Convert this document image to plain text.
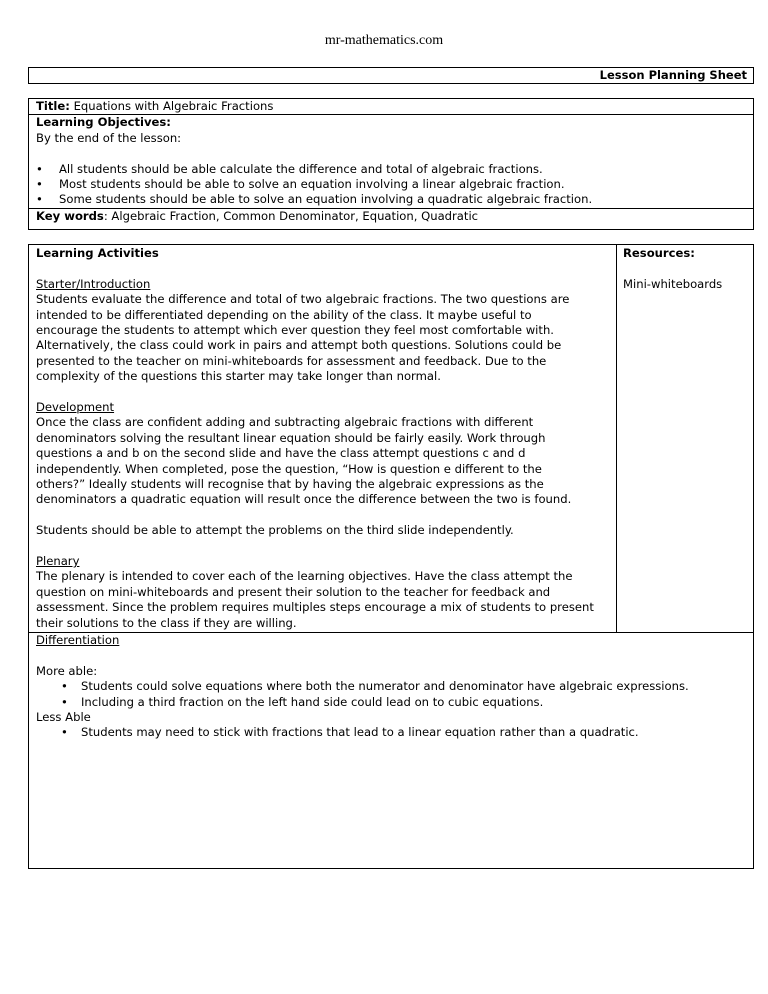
mr-mathematics.com
Lesson Planning Sheet
Title: Equations with Algebraic Fractions
Learning Objectives:
By the end of the lesson:
• All students should be able calculate the difference and total of algebraic fractions.
• Most students should be able to solve an equation involving a linear algebraic fraction.
• Some students should be able to solve an equation involving a quadratic algebraic fraction.
Key words: Algebraic Fraction, Common Denominator, Equation, Quadratic
Learning Activities
Starter/Introduction
Students evaluate the difference and total of two algebraic fractions. The two questions are
intended to be differentiated depending on the ability of the class. It maybe useful to
encourage the students to attempt which ever question they feel most comfortable with.
Alternatively, the class could work in pairs and attempt both questions. Solutions could be
presented to the teacher on mini-whiteboards for assessment and feedback. Due to the
complexity of the questions this starter may take longer than normal.
Development
Once the class are confident adding and subtracting algebraic fractions with different
denominators solving the resultant linear equation should be fairly easily. Work through
questions a and b on the second slide and have the class attempt questions c and d
independently. When completed, pose the question, “How is question e different to the
others?” Ideally students will recognise that by having the algebraic expressions as the
denominators a quadratic equation will result once the difference between the two is found.
Students should be able to attempt the problems on the third slide independently.
Plenary
The plenary is intended to cover each of the learning objectives. Have the class attempt the
question on mini-whiteboards and present their solution to the teacher for feedback and
assessment. Since the problem requires multiples steps encourage a mix of students to present
their solutions to the class if they are willing.
Resources:
Mini-whiteboards
Differentiation
More able:
• Students could solve equations where both the numerator and denominator have algebraic expressions.
• Including a third fraction on the left hand side could lead on to cubic equations.
Less Able
• Students may need to stick with fractions that lead to a linear equation rather than a quadratic.
